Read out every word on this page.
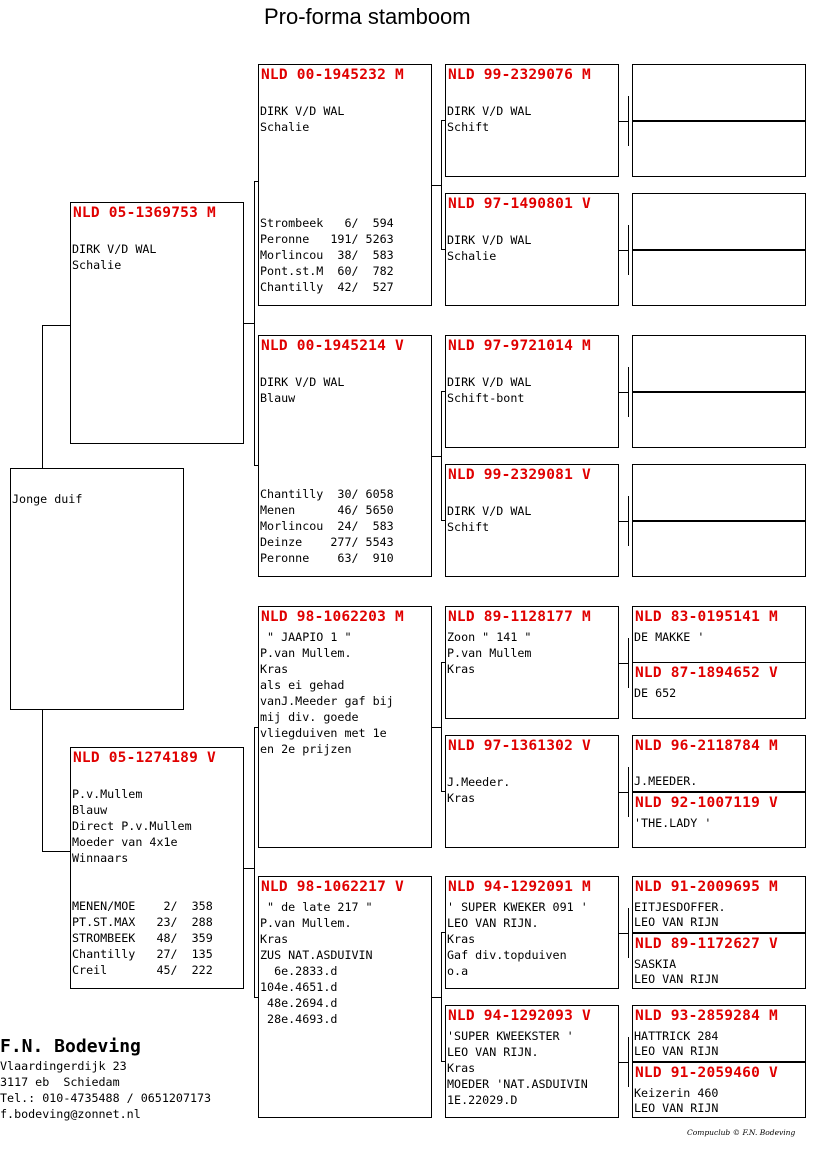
Pro-forma stamboom
Jonge duif
NLD 05-1369753 M
DIRK V/D WAL
Schalie
NLD 05-1274189 V
P.v.Mullem
Blauw
Direct P.v.Mullem
Moeder van 4x1e
Winnaars
MENEN/MOE    2/  358
PT.ST.MAX   23/  288
STROMBEEK   48/  359
Chantilly   27/  135
Creil       45/  222
NLD 00-1945232 M
DIRK V/D WAL
Schalie
Strombeek   6/  594
Peronne   191/ 5263
Morlincou  38/  583
Pont.st.M  60/  782
Chantilly  42/  527
NLD 00-1945214 V
DIRK V/D WAL
Blauw
Chantilly  30/ 6058
Menen      46/ 5650
Morlincou  24/  583
Deinze    277/ 5543
Peronne    63/  910
NLD 98-1062203 M
" JAAPIO 1 "
P.van Mullem.
Kras
als ei gehad
vanJ.Meeder gaf bij
mij div. goede
vliegduiven met 1e
en 2e prijzen
NLD 98-1062217 V
" de late 217 "
P.van Mullem.
Kras
ZUS NAT.ASDUIVIN
6e.2833.d
104e.4651.d
48e.2694.d
28e.4693.d
NLD 99-2329076 M
DIRK V/D WAL
Schift
NLD 97-1490801 V
DIRK V/D WAL
Schalie
NLD 97-9721014 M
DIRK V/D WAL
Schift-bont
NLD 99-2329081 V
DIRK V/D WAL
Schift
NLD 89-1128177 M
Zoon " 141 "
P.van Mullem
Kras
NLD 97-1361302 V
J.Meeder.
Kras
NLD 94-1292091 M
' SUPER KWEKER 091 '
LEO VAN RIJN.
Kras
Gaf div.topduiven
o.a
NLD 94-1292093 V
'SUPER KWEEKSTER '
LEO VAN RIJN.
Kras
MOEDER 'NAT.ASDUIVIN
1E.22029.D
NLD 83-0195141 M
DE MAKKE '
NLD 87-1894652 V
DE 652
NLD 96-2118784 M
J.MEEDER.
NLD 92-1007119 V
'THE.LADY '
NLD 91-2009695 M
EITJESDOFFER.
LEO VAN RIJN
NLD 89-1172627 V
SASKIA
LEO VAN RIJN
NLD 93-2859284 M
HATTRICK 284
LEO VAN RIJN
NLD 91-2059460 V
Keizerin 460
LEO VAN RIJN
F.N. Bodeving
Vlaardingerdijk 23
3117 eb  Schiedam
Tel.: 010-4735488 / 0651207173
f.bodeving@zonnet.nl
Compuclub © F.N. Bodeving
